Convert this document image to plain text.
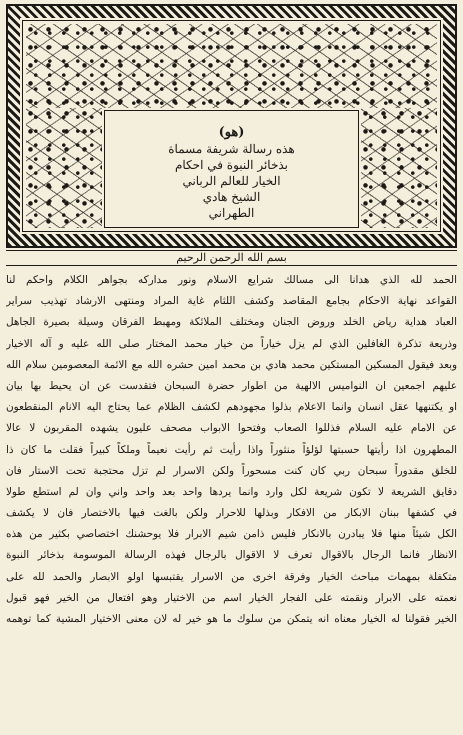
(هو)
هذه رسالة شريفة مسماة
بذخائر النبوة في احكام
الخيار للعالم الرباني
الشيخ هادي
الطهراني
بسم الله الرحمن الرحيم
الحمد لله الذي هدانا الى مسالك شرايع الاسلام ونور مداركه بجواهر الكلام واحكم لنا
القواعد نهاية الاحكام بجامع المقاصد وكشف اللثام غاية المراد ومنتهى الارشاد تهذيب سراير
العباد هداية رياض الخلد وروض الجنان ومختلف الملائكة ومهبط الفرقان وسيلة بصيرة الجاهل
وذريعة تذكرة الغافلين الذي لم يزل خياراً من خيار محمد المختار صلى الله عليه و آله الاخيار
وبعد فيقول المسكين المستكين محمد هادي بن محمد امين حشره الله مع الائمة المعصومين سلام الله
عليهم اجمعين ان النواميس الالهية من اطوار حضرة السبحان فتقدست عن ان يحيط بها بيان
او يكتنهها عقل انسان وانما الاعلام بذلوا مجهودهم لكشف الظلام عما يحتاج اليه الانام المنقطعون
عن الامام عليه السلام فذللوا الصعاب وفتحوا الابواب مصحف عليون يشهده المقربون لا عالا
المطهرون اذا رأيتها حسبتها لؤلؤاً منثوراً واذا رأيت ثم رأيت نعيماً وملكاً كبيراً فقلت ما كان ذا
للخلق مقدوراً سبحان ربي كان كنت مسحوراً ولكن الاسرار لم تزل محتجبة تحت الاستار فان
دقايق الشريعة لا تكون شريعة لكل وارد وانما يردها واحد بعد واحد واني وان لم استطع طولا
في كشفها ببنان الابكار من الافكار وبذلها للاحرار ولكن بالغت فيها بالاختصار فان لا يكشف
الكل شيئاً منها فلا يبادرن بالانكار فليس ذامن شيم الابرار فلا يوحشنك اختصاصي بكثير من هذه
الانظار فانما الرجال بالاقوال تعرف لا الاقوال بالرجال فهذه الرسالة الموسومة بذخائر النبوة
متكفلة بمهمات مباحث الخيار وفرقة اخرى من الاسرار يقتبسها اولو الابصار والحمد لله على
نعمته على الابرار ونقمته على الفجار الخيار اسم من الاختيار وهو افتعال من الخير فهو قبول
الخير فقولنا له الخيار معناه انه يتمكن من سلوك ما هو خير له لان معنى الاختيار المشية كما توهمه
